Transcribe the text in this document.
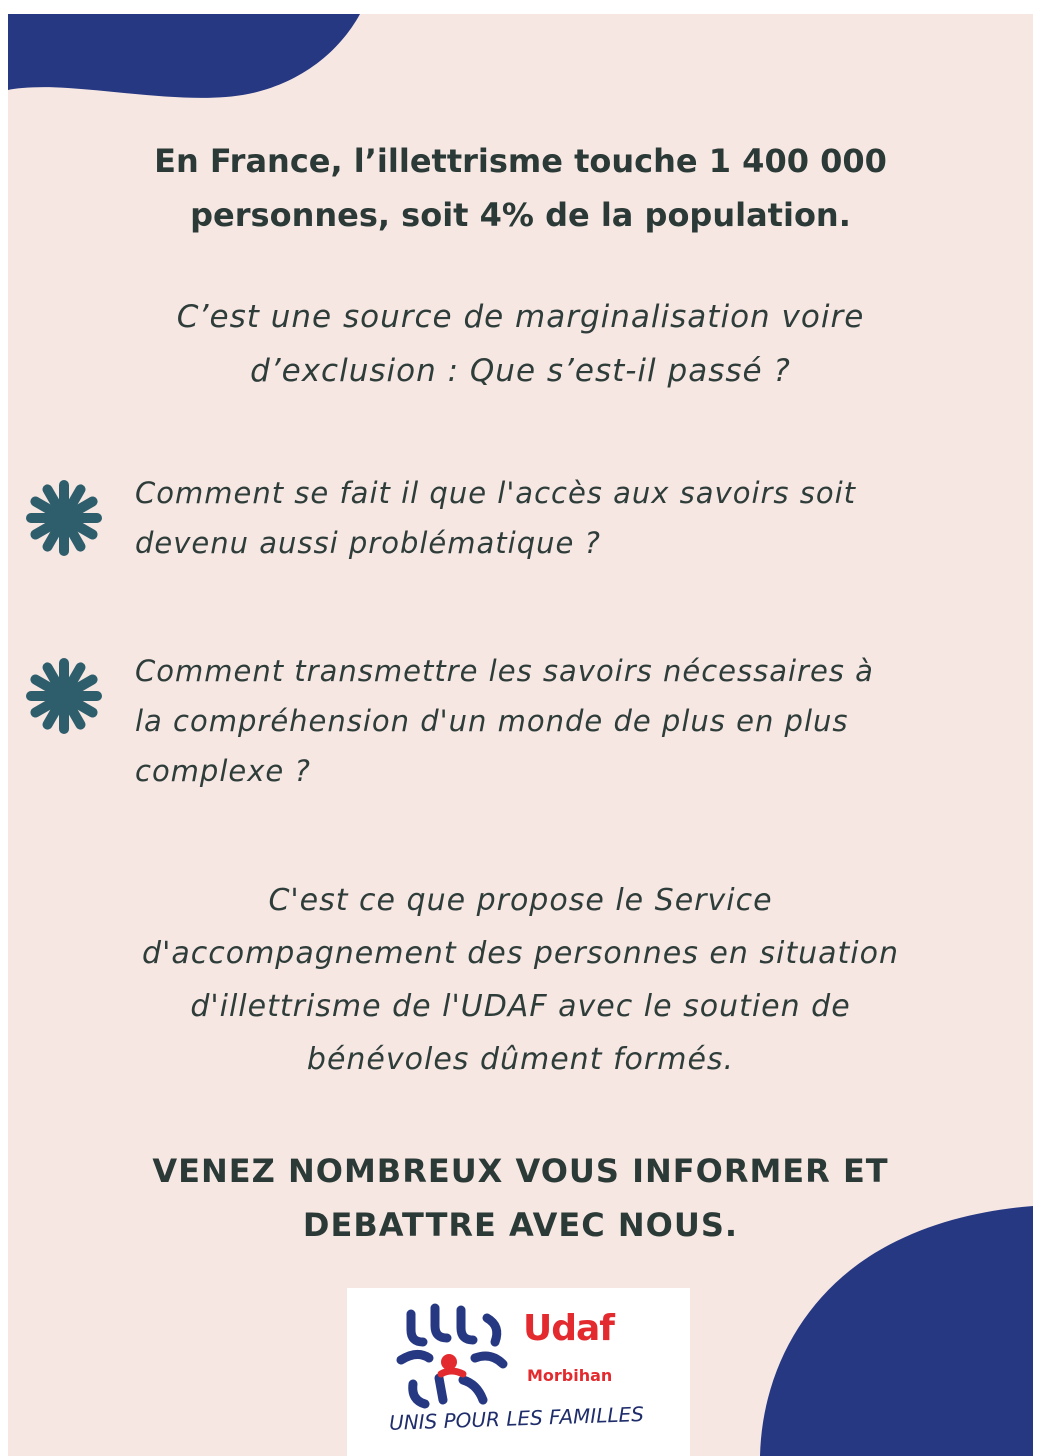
En France, l’illettrisme touche 1 400 000
personnes, soit 4% de la population.

C’est une source de marginalisation voire
d’exclusion : Que s’est-il passé ?

Comment se fait il que l'accès aux savoirs soit
devenu aussi problématique ?

Comment transmettre les savoirs nécessaires à
la compréhension d'un monde de plus en plus
complexe ?

C'est ce que propose le Service
d'accompagnement des personnes en situation
d'illettrisme de l'UDAF avec le soutien de
bénévoles dûment formés.

VENEZ NOMBREUX VOUS INFORMER ET
DEBATTRE AVEC NOUS.

Udaf

Morbihan

UNIS POUR LES FAMILLES
